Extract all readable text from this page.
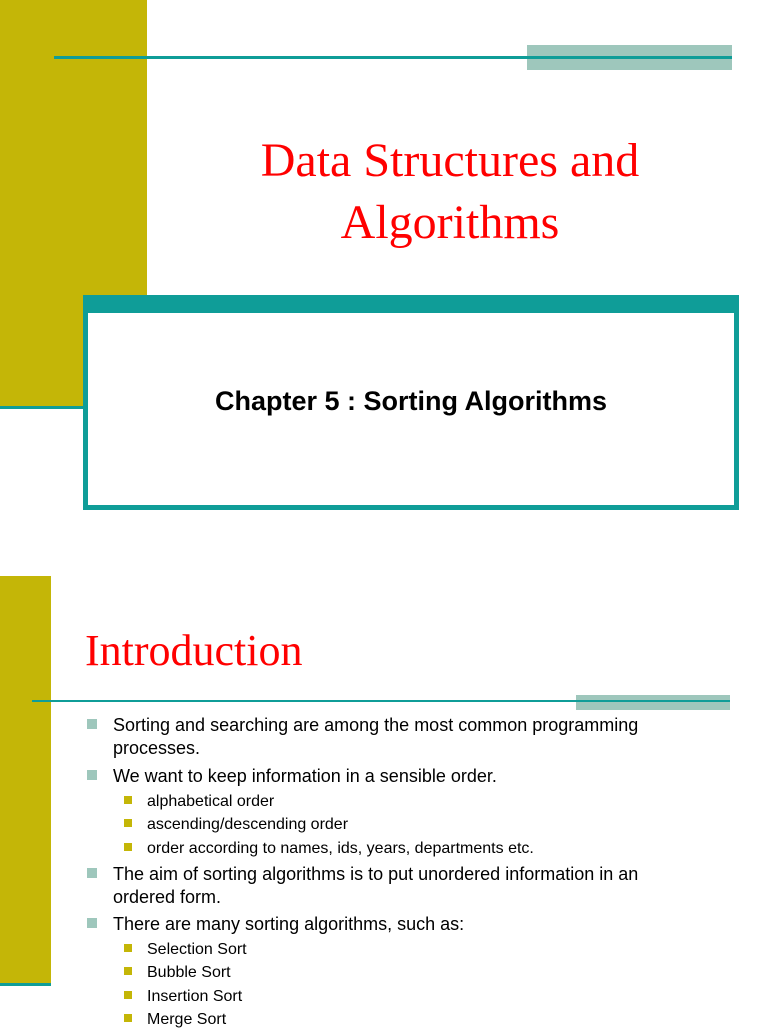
Data Structures and
Algorithms
Chapter 5 : Sorting Algorithms
Introduction
Sorting and searching are among the most common programming processes.
We want to keep information in a sensible order.
alphabetical order
ascending/descending order
order according to names, ids, years, departments etc.
The aim of sorting algorithms is to put unordered information in an ordered form.
There are many sorting algorithms, such as:
Selection Sort
Bubble Sort
Insertion Sort
Merge Sort
